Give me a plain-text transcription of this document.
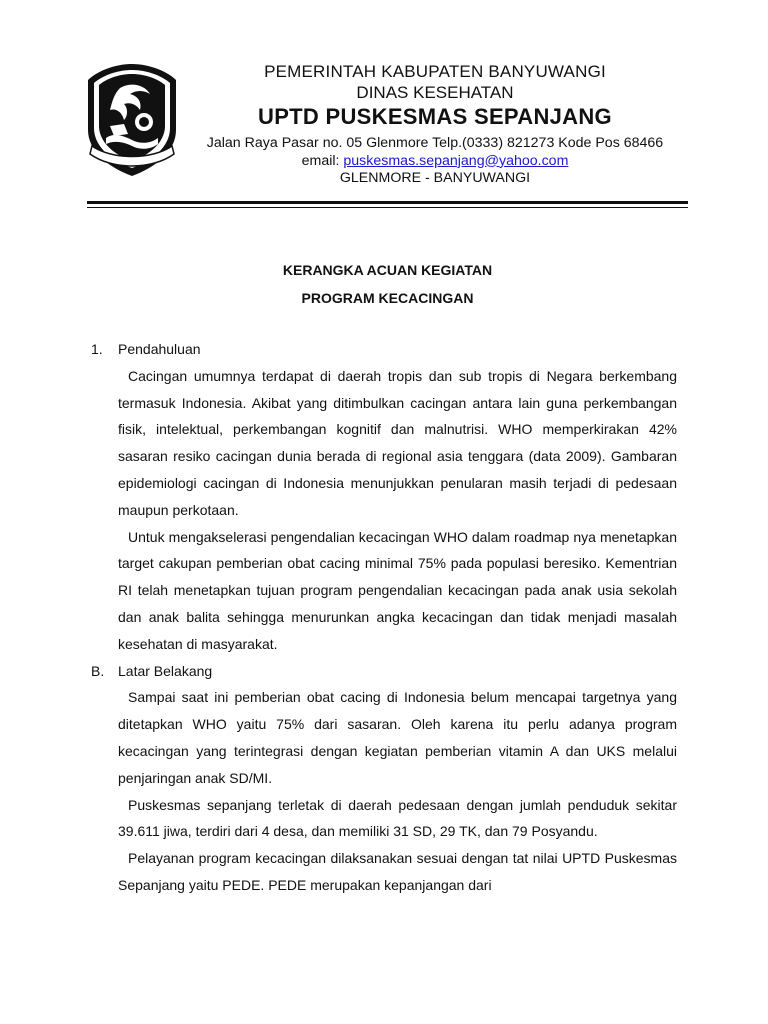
PEMERINTAH KABUPATEN BANYUWANGI
DINAS KESEHATAN
UPTD PUSKESMAS SEPANJANG
Jalan Raya Pasar no. 05 Glenmore Telp.(0333) 821273 Kode Pos 68466
email: puskesmas.sepanjang@yahoo.com
GLENMORE - BANYUWANGI
KERANGKA ACUAN KEGIATAN
PROGRAM KECACINGAN
1.	Pendahuluan
Cacingan umumnya terdapat di daerah tropis dan sub tropis di Negara berkembang termasuk Indonesia. Akibat yang ditimbulkan cacingan antara lain guna perkembangan fisik, intelektual, perkembangan kognitif dan malnutrisi. WHO memperkirakan 42% sasaran resiko cacingan dunia berada di regional asia tenggara (data 2009). Gambaran epidemiologi cacingan di Indonesia menunjukkan penularan masih terjadi di pedesaan maupun perkotaan.
Untuk mengakselerasi pengendalian kecacingan WHO dalam roadmap nya menetapkan target cakupan pemberian obat cacing minimal 75% pada populasi beresiko. Kementrian RI telah menetapkan tujuan program pengendalian kecacingan pada anak usia sekolah dan anak balita sehingga menurunkan angka kecacingan dan tidak menjadi masalah kesehatan di masyarakat.
B. Latar Belakang
Sampai saat ini pemberian obat cacing di Indonesia belum mencapai targetnya yang ditetapkan WHO yaitu 75% dari sasaran. Oleh karena itu perlu adanya program kecacingan yang terintegrasi dengan kegiatan pemberian vitamin A dan UKS melalui penjaringan anak SD/MI.
Puskesmas sepanjang terletak di daerah pedesaan dengan jumlah penduduk sekitar 39.611 jiwa, terdiri dari 4 desa, dan memiliki 31 SD, 29 TK, dan 79 Posyandu.
Pelayanan program kecacingan dilaksanakan sesuai dengan tat nilai UPTD Puskesmas Sepanjang yaitu PEDE. PEDE merupakan kepanjangan dari
